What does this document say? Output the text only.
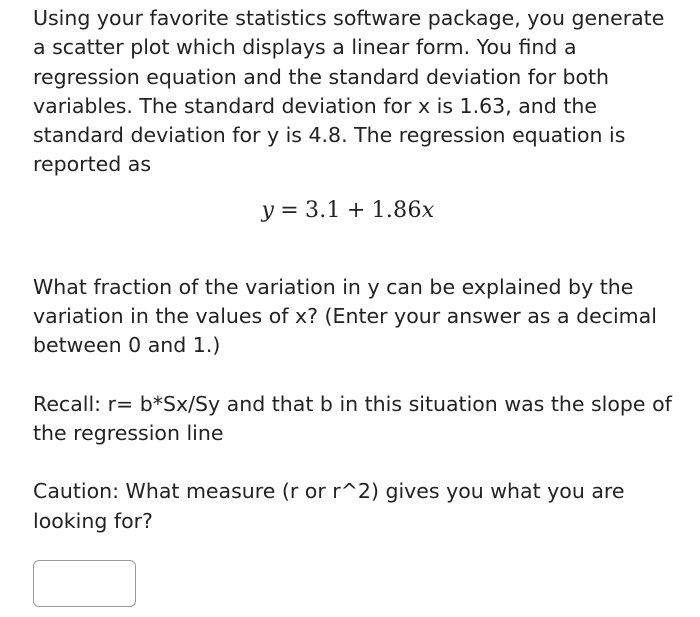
Using your favorite statistics software package, you generate a scatter plot which displays a linear form. You find a regression equation and the standard deviation for both variables. The standard deviation for x is 1.63, and the standard deviation for y is 4.8. The regression equation is reported as

y = 3.1 + 1.86x

What fraction of the variation in y can be explained by the variation in the values of x? (Enter your answer as a decimal between 0 and 1.)

Recall: r= b*Sx/Sy and that b in this situation was the slope of the regression line

Caution: What measure (r or r^2) gives you what you are looking for?
